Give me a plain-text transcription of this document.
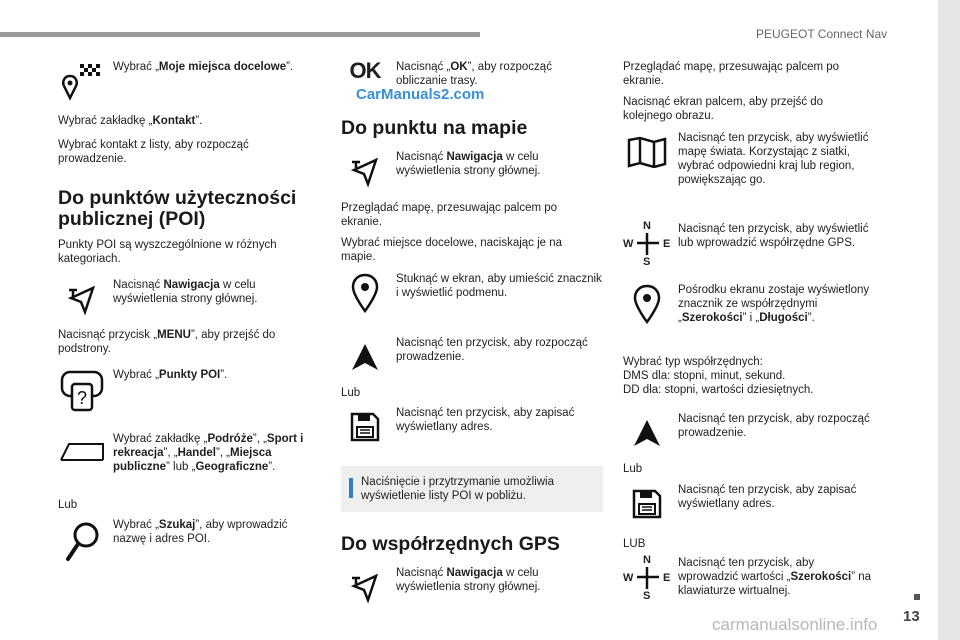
PEUGEOT Connect Nav
13
CarManuals2.com
carmanualsonline.info
Wybrać „Moje miejsca docelowe”.
Wybrać zakładkę „Kontakt”.
Wybrać kontakt z listy, aby rozpocząć prowadzenie.
Do punktów użyteczności publicznej (POI)
Punkty POI są wyszczególnione w różnych kategoriach.
Nacisnąć Nawigacja w celu wyświetlenia strony głównej.
Nacisnąć przycisk „MENU”, aby przejść do podstrony.
?
Wybrać „Punkty POI”.
Wybrać zakładkę „Podróże”, „Sport i rekreacja”, „Handel”, „Miejsca publiczne” lub „Geograficzne”.
Lub
Wybrać „Szukaj”, aby wprowadzić nazwę i adres POI.
OK	Nacisnąć „OK”, aby rozpocząć obliczanie trasy.
Do punktu na mapie
Nacisnąć Nawigacja w celu wyświetlenia strony głównej.
Przeglądać mapę, przesuwając palcem po ekranie.
Wybrać miejsce docelowe, naciskając je na mapie.
Stuknąć w ekran, aby umieścić znacznik i wyświetlić podmenu.
Nacisnąć ten przycisk, aby rozpocząć prowadzenie.
Lub
Nacisnąć ten przycisk, aby zapisać wyświetlany adres.
Naciśnięcie i przytrzymanie umożliwia wyświetlenie listy POI w pobliżu.
Do współrzędnych GPS
Nacisnąć Nawigacja w celu wyświetlenia strony głównej.
Przeglądać mapę, przesuwając palcem po ekranie.
Nacisnąć ekran palcem, aby przejść do kolejnego obrazu.
Nacisnąć ten przycisk, aby wyświetlić mapę świata. Korzystając z siatki, wybrać odpowiedni kraj lub region, powiększając go.
N
S
W	E
Nacisnąć ten przycisk, aby wyświetlić lub wprowadzić współrzędne GPS.
Pośrodku ekranu zostaje wyświetlony znacznik ze współrzędnymi „Szerokości” i „Długości”.
Wybrać typ współrzędnych:
DMS dla: stopni, minut, sekund.
DD dla: stopni, wartości dziesiętnych.
Nacisnąć ten przycisk, aby rozpocząć prowadzenie.
Lub
Nacisnąć ten przycisk, aby zapisać wyświetlany adres.
LUB
N
S
W	E
Nacisnąć ten przycisk, aby wprowadzić wartości „Szerokości” na klawiaturze wirtualnej.
